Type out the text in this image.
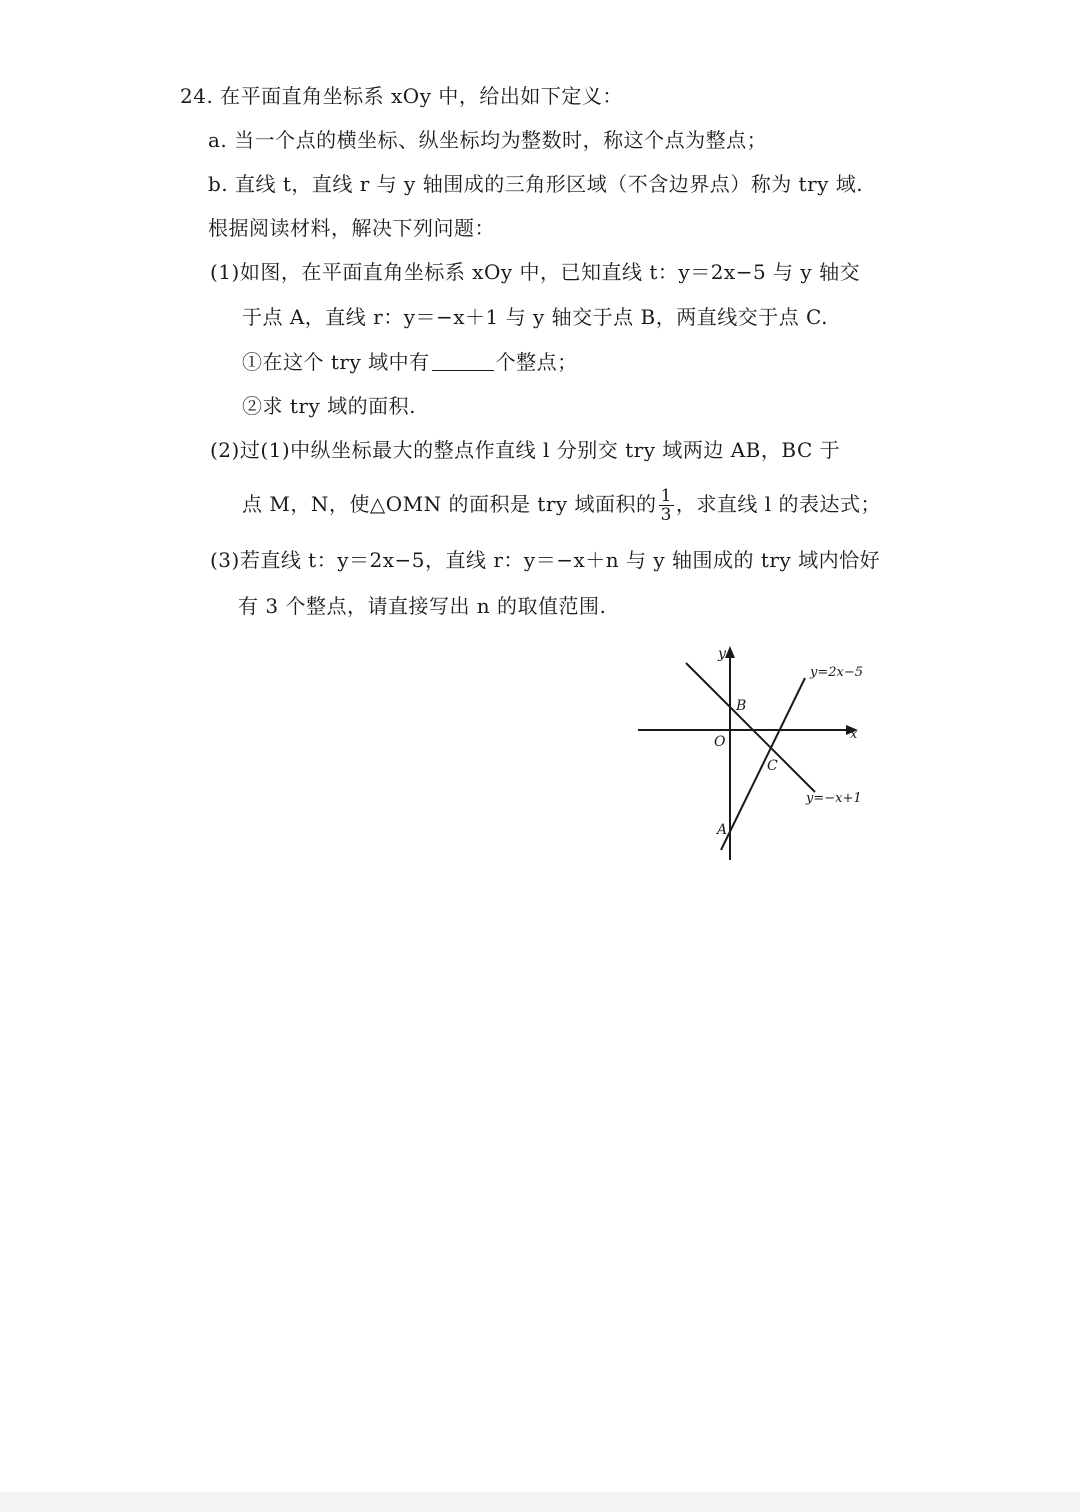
24. 在平面直角坐标系 xOy 中，给出如下定义：
a. 当一个点的横坐标、纵坐标均为整数时，称这个点为整点；
b. 直线 t，直线 r 与 y 轴围成的三角形区域（不含边界点）称为 try 域.
根据阅读材料，解决下列问题：
(1)如图，在平面直角坐标系 xOy 中，已知直线 t：y＝2x−5 与 y 轴交
于点 A，直线 r：y＝−x＋1 与 y 轴交于点 B，两直线交于点 C.
①在这个 try 域中有	个整点；
②求 try 域的面积.
(2)过(1)中纵坐标最大的整点作直线 l 分别交 try 域两边 AB，BC 于
点 M，N，使△OMN 的面积是 try 域面积的 $\frac{1}{3}$ ，求直线 l 的表达式；
(3)若直线 t：y＝2x−5，直线 r：y＝−x＋n 与 y 轴围成的 try 域内恰好
有 3 个整点，请直接写出 n 的取值范围.
y
x
O
B
C
A
y=2x−5
y=−x+1
